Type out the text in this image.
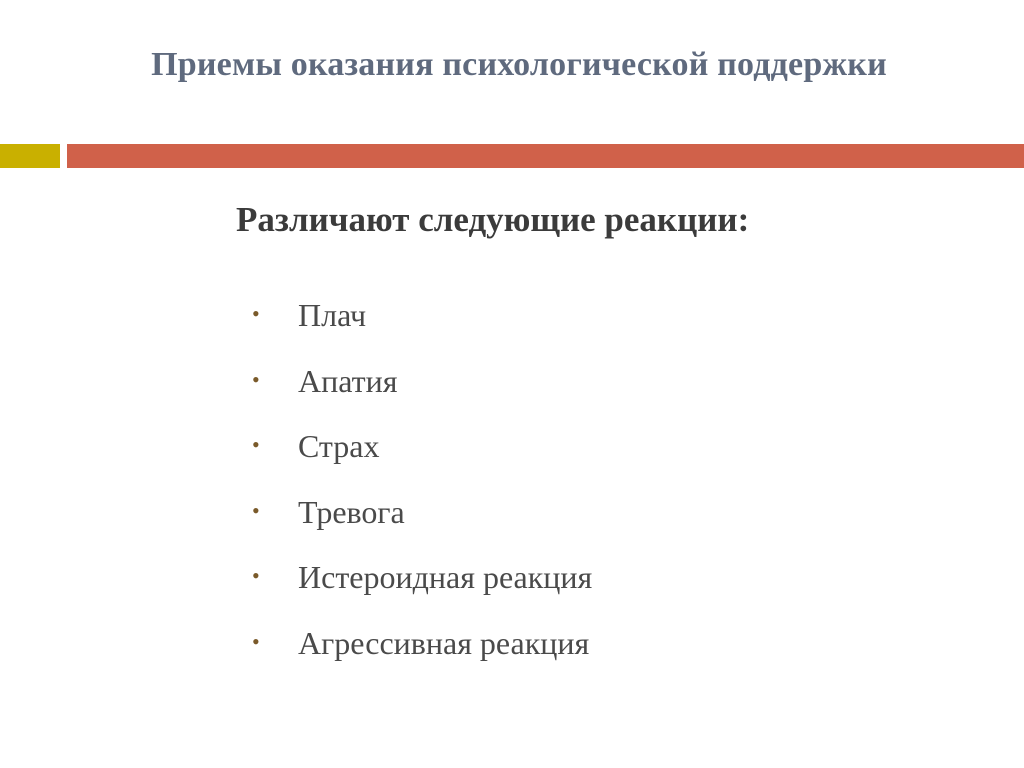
Приемы оказания психологической поддержки
Различают следующие реакции:
•	Плач
•	Апатия
•	Страх
•	Тревога
•	Истероидная реакция
•	Агрессивная реакция
